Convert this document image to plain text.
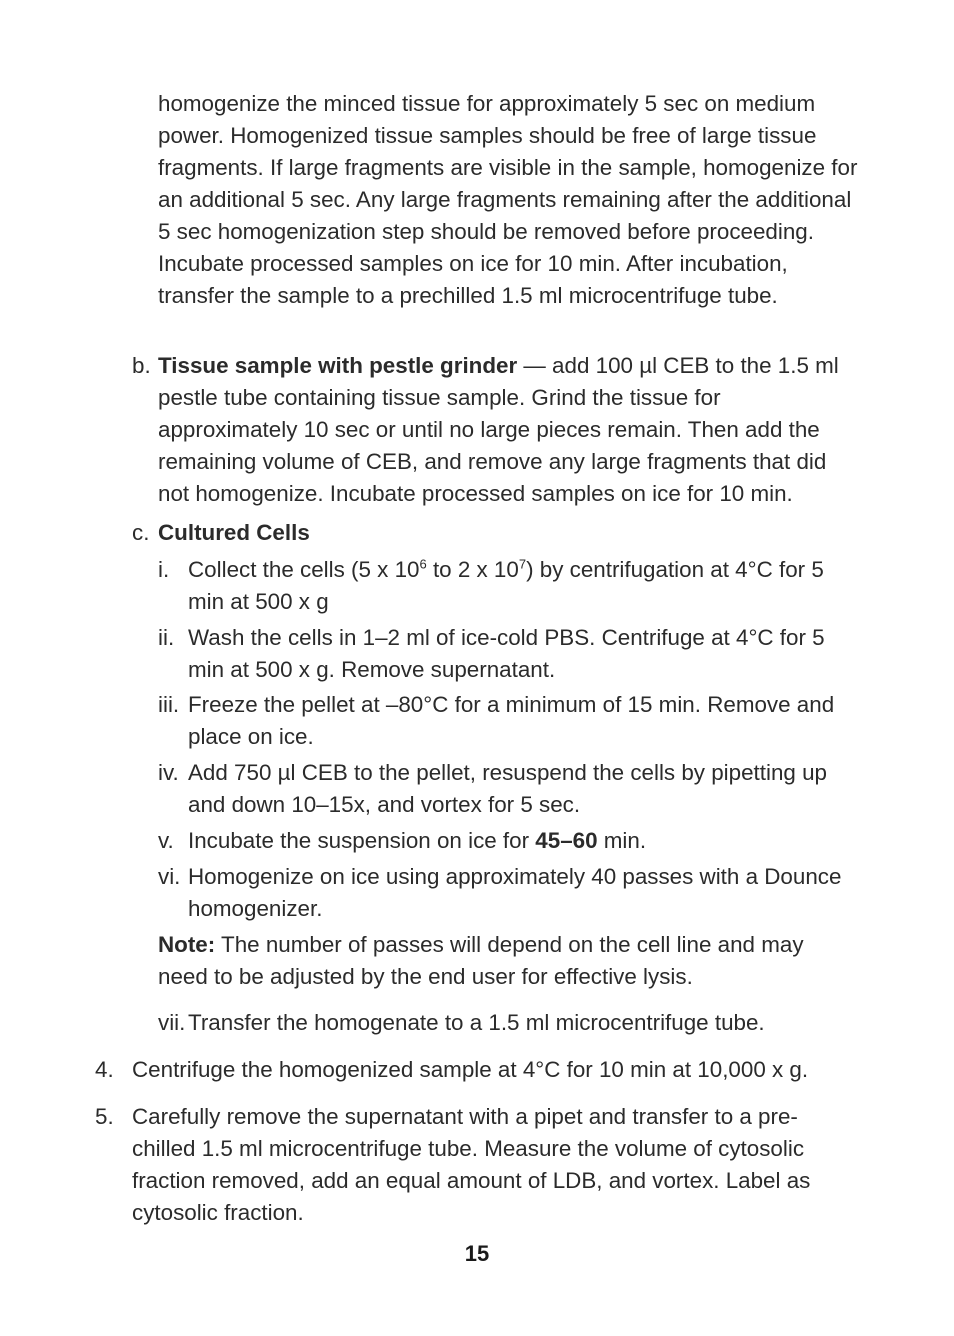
homogenize the minced tissue for approximately 5 sec on medium power. Homogenized tissue samples should be free of large tissue fragments. If large fragments are visible in the sample, homogenize for an additional 5 sec. Any large fragments remaining after the additional 5 sec homogenization step should be removed before proceeding. Incubate processed samples on ice for 10 min. After incubation, transfer the sample to a prechilled 1.5 ml microcentrifuge tube.

b. Tissue sample with pestle grinder — add 100 µl CEB to the 1.5 ml pestle tube containing tissue sample. Grind the tissue for approximately 10 sec or until no large pieces remain. Then add the remaining volume of CEB, and remove any large fragments that did not homogenize. Incubate processed samples on ice for 10 min.

c. Cultured Cells

i. Collect the cells (5 x $10^6$ to 2 x $10^7$) by centrifugation at 4°C for 5 min at 500 x g

ii. Wash the cells in 1–2 ml of ice-cold PBS. Centrifuge at 4°C for 5 min at 500 x g. Remove supernatant.

iii. Freeze the pellet at –80°C for a minimum of 15 min. Remove and place on ice.

iv. Add 750 µl CEB to the pellet, resuspend the cells by pipetting up and down 10–15x, and vortex for 5 sec.

v. Incubate the suspension on ice for 45–60 min.

vi. Homogenize on ice using approximately 40 passes with a Dounce homogenizer.

Note: The number of passes will depend on the cell line and may need to be adjusted by the end user for effective lysis.

vii. Transfer the homogenate to a 1.5 ml microcentrifuge tube.

4. Centrifuge the homogenized sample at 4°C for 10 min at 10,000 x g.

5. Carefully remove the supernatant with a pipet and transfer to a pre-chilled 1.5 ml microcentrifuge tube. Measure the volume of cytosolic fraction removed, add an equal amount of LDB, and vortex. Label as cytosolic fraction.

15
